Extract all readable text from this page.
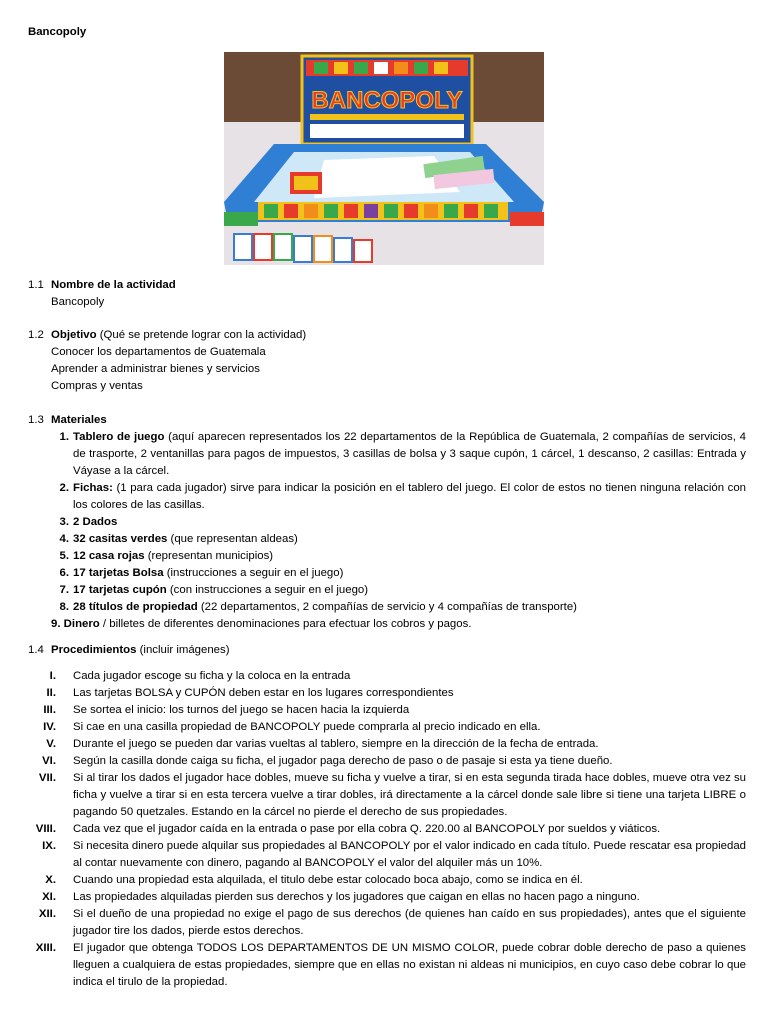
Bancopoly
BANCOPOLY
1.1 Nombre de la actividad
Bancopoly
1.2 Objetivo (Qué se pretende lograr con la actividad)
Conocer los departamentos de Guatemala
Aprender a administrar bienes y servicios
Compras y ventas
1.3 Materiales
1. Tablero de juego (aquí aparecen representados los 22 departamentos de la República de Guatemala, 2 compañías de servicios, 4 de trasporte, 2 ventanillas para pagos de impuestos, 3 casillas de bolsa y 3 saque cupón, 1 cárcel, 1 descanso, 2 casillas: Entrada y Váyase a la cárcel.
2. Fichas: (1 para cada jugador) sirve para indicar la posición en el tablero del juego. El color de estos no tienen ninguna relación con los colores de las casillas.
3. 2 Dados
4. 32 casitas verdes (que representan aldeas)
5. 12 casa rojas (representan municipios)
6. 17 tarjetas Bolsa (instrucciones a seguir en el juego)
7. 17 tarjetas cupón (con instrucciones a seguir en el juego)
8. 28 títulos de propiedad (22 departamentos, 2 compañías de servicio y 4 compañías de transporte)
9. Dinero / billetes de diferentes denominaciones para efectuar los cobros y pagos.
1.4 Procedimientos (incluir imágenes)
I.	Cada jugador escoge su ficha y la coloca en la entrada
II.	Las tarjetas BOLSA y CUPÓN deben estar en los lugares correspondientes
III.	Se sortea el inicio: los turnos del juego se hacen hacia la izquierda
IV.	Si cae en una casilla propiedad de BANCOPOLY puede comprarla al precio indicado en ella.
V.	Durante el juego se pueden dar varias vueltas al tablero, siempre en la dirección de la fecha de entrada.
VI.	Según la casilla donde caiga su ficha, el jugador paga derecho de paso o de pasaje si esta ya tiene dueño.
VII.	Si al tirar los dados el jugador hace dobles, mueve su ficha y vuelve a tirar, si en esta segunda tirada hace dobles, mueve otra vez su ficha y vuelve a tirar si en esta tercera vuelve a tirar dobles, irá directamente a la cárcel donde sale libre si tiene una tarjeta LIBRE o pagando 50 quetzales. Estando en la cárcel no pierde el derecho de sus propiedades.
VIII.	Cada vez que el jugador caída en la entrada o pase por ella cobra Q. 220.00 al BANCOPOLY por sueldos y viáticos.
IX.	Si necesita dinero puede alquilar sus propiedades al BANCOPOLY por el valor indicado en cada título. Puede rescatar esa propiedad al contar nuevamente con dinero, pagando al BANCOPOLY el valor del alquiler más un 10%.
X.	Cuando una propiedad esta alquilada, el titulo debe estar colocado boca abajo, como se indica en él.
XI.	Las propiedades alquiladas pierden sus derechos y los jugadores que caigan en ellas no hacen pago a ninguno.
XII.	Si el dueño de una propiedad no exige el pago de sus derechos (de quienes han caído en sus propiedades), antes que el siguiente jugador tire los dados, pierde estos derechos.
XIII.	El jugador que obtenga TODOS LOS DEPARTAMENTOS DE UN MISMO COLOR, puede cobrar doble derecho de paso a quienes lleguen a cualquiera de estas propiedades, siempre que en ellas no existan ni aldeas ni municipios, en cuyo caso debe cobrar lo que indica el tirulo de la propiedad.
